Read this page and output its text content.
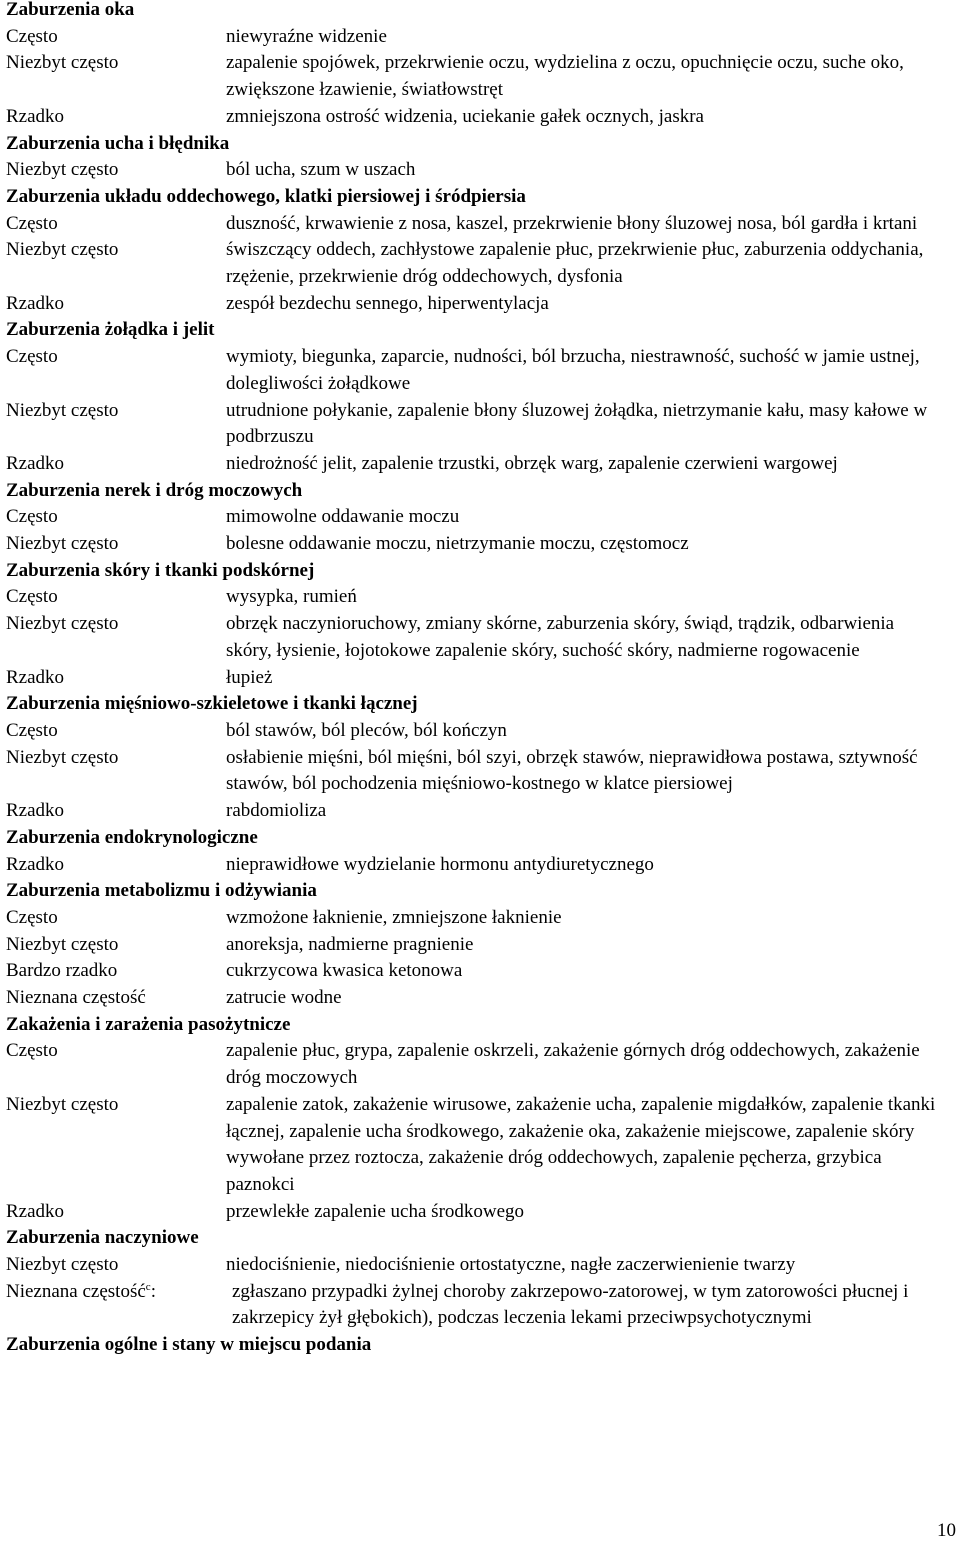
Zaburzenia oka
Często	niewyraźne widzenie
Niezbyt często	zapalenie spojówek, przekrwienie oczu, wydzielina z oczu, opuchnięcie oczu, suche oko, zwiększone łzawienie, światłowstręt
Rzadko	zmniejszona ostrość widzenia, uciekanie gałek ocznych, jaskra
Zaburzenia ucha i błędnika
Niezbyt często	ból ucha, szum w uszach
Zaburzenia układu oddechowego, klatki piersiowej i śródpiersia
Często	duszność, krwawienie z nosa, kaszel, przekrwienie błony śluzowej nosa, ból gardła i krtani
Niezbyt często	świszczący oddech, zachłystowe zapalenie płuc, przekrwienie płuc, zaburzenia oddychania, rzężenie, przekrwienie dróg oddechowych, dysfonia
Rzadko	zespół bezdechu sennego, hiperwentylacja
Zaburzenia żołądka i jelit
Często	wymioty, biegunka, zaparcie, nudności, ból brzucha, niestrawność, suchość w jamie ustnej, dolegliwości żołądkowe
Niezbyt często	utrudnione połykanie, zapalenie błony śluzowej żołądka, nietrzymanie kału, masy kałowe w podbrzuszu
Rzadko	niedrożność jelit, zapalenie trzustki, obrzęk warg, zapalenie czerwieni wargowej
Zaburzenia nerek i dróg moczowych
Często	mimowolne oddawanie moczu
Niezbyt często	bolesne oddawanie moczu, nietrzymanie moczu, częstomocz
Zaburzenia skóry i tkanki podskórnej
Często	wysypka, rumień
Niezbyt często	obrzęk naczynioruchowy, zmiany skórne, zaburzenia skóry, świąd, trądzik, odbarwienia skóry, łysienie, łojotokowe zapalenie skóry, suchość skóry, nadmierne rogowacenie
Rzadko	łupież
Zaburzenia mięśniowo-szkieletowe i tkanki łącznej
Często	ból stawów, ból pleców, ból kończyn
Niezbyt często	osłabienie mięśni, ból mięśni, ból szyi, obrzęk stawów, nieprawidłowa postawa, sztywność stawów, ból pochodzenia mięśniowo-kostnego w klatce piersiowej
Rzadko	rabdomioliza
Zaburzenia endokrynologiczne
Rzadko	nieprawidłowe wydzielanie hormonu antydiuretycznego
Zaburzenia metabolizmu i odżywiania
Często	wzmożone łaknienie, zmniejszone łaknienie
Niezbyt często	anoreksja, nadmierne pragnienie
Bardzo rzadko	cukrzycowa kwasica ketonowa
Nieznana częstość	zatrucie wodne
Zakażenia i zarażenia pasożytnicze
Często	zapalenie płuc, grypa, zapalenie oskrzeli, zakażenie górnych dróg oddechowych, zakażenie dróg moczowych
Niezbyt często	zapalenie zatok, zakażenie wirusowe, zakażenie ucha, zapalenie migdałków, zapalenie tkanki łącznej, zapalenie ucha środkowego, zakażenie oka, zakażenie miejscowe, zapalenie skóry wywołane przez roztocza, zakażenie dróg oddechowych, zapalenie pęcherza, grzybica paznokci
Rzadko	przewlekłe zapalenie ucha środkowego
Zaburzenia naczyniowe
Niezbyt często	niedociśnienie, niedociśnienie ortostatyczne, nagłe zaczerwienienie twarzy
Nieznana częstość$^c$:	zgłaszano przypadki żylnej choroby zakrzepowo-zatorowej, w tym zatorowości płucnej i zakrzepicy żył głębokich), podczas leczenia lekami przeciwpsychotycznymi
Zaburzenia ogólne i stany w miejscu podania
10
